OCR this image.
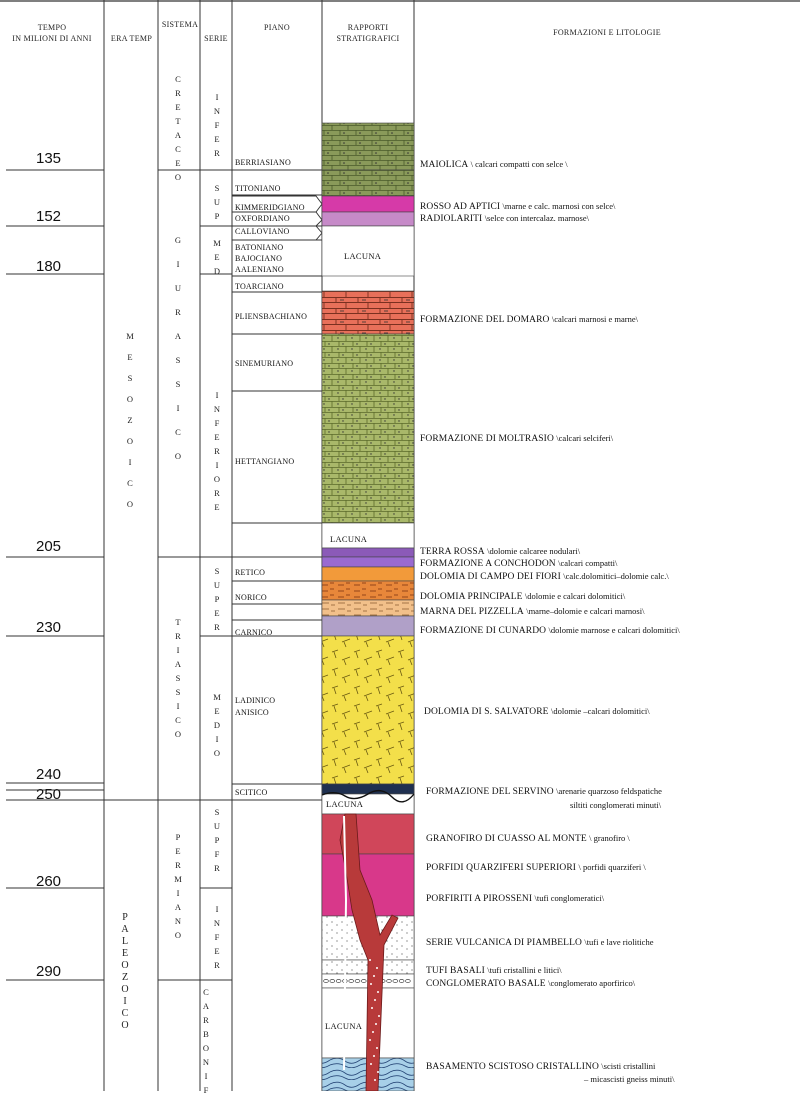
TEMPO
IN MILIONI DI ANNI	ERA TEMP
SISTEMA
SERIE
PIANO	RAPPORTI
STRATIGRAFICI
FORMAZIONI E LITOLOGIE
135
152
180
205
230
240
250
260
290
M
E
S
O
Z
O
I
C
O
P
A
L
E
O
Z
O
I
C
O
C
R
E
T
A
C
E
O
G
I
U
R
A
S
S
I
C
O
T
R
I
A
S
S
I
C
O
P
E
R
M
I
A
N
O
C
A
R
B
O
N
I
F
I
N
F
E
R
S
U
P
M
E
D
I
N
F
E
R
I
O
R
E
S
U
P
E
R
M
E
D
I
O
S
U
P
F
R
I
N
F
E
R
BERRIASIANO
TITONIANO
KIMMERIDGIANO
OXFORDIANO
CALLOVIANO
BATONIANO
BAJOCIANO
AALENIANO
TOARCIANO
PLIENSBACHIANO
SINEMURIANO
HETTANGIANO
RETICO
NORICO
CARNICO
LADINICO
ANISICO
SCITICO
LACUNA
LACUNA
LACUNA
LACUNA
MAIOLICA \ calcari compatti con selce \
ROSSO AD APTICI \marne e calc. marnosi con selce\
RADIOLARITI \selce con intercalaz. marnose\
FORMAZIONE DEL DOMARO \calcari marnosi e marne\
FORMAZIONE DI MOLTRASIO \calcari selciferi\
TERRA ROSSA \dolomie calcaree nodulari\
FORMAZIONE A CONCHODON \calcari compatti\
DOLOMIA DI CAMPO DEI FIORI \calc.dolomitici–dolomie calc.\
DOLOMIA PRINCIPALE \dolomie e calcari dolomitici\
MARNA DEL PIZZELLA \marne–dolomie e calcari marnosi\
FORMAZIONE DI CUNARDO \dolomie marnose e calcari dolomitici\
DOLOMIA DI S. SALVATORE \dolomie –calcari dolomitici\
FORMAZIONE DEL SERVINO \arenarie quarzoso feldspatiche
siltiti conglomerati minuti\
GRANOFIRO DI CUASSO AL MONTE \ granofiro \
PORFIDI QUARZIFERI SUPERIORI \ porfidi quarziferi \
PORFIRITI A PIROSSENI \tufi conglomeratici\
SERIE VULCANICA DI PIAMBELLO \tufi e lave riolitiche
TUFI BASALI \tufi cristallini e litici\
CONGLOMERATO BASALE \conglomerato aporfirico\
BASAMENTO SCISTOSO CRISTALLINO \scisti cristallini
– micascisti gneiss minuti\
